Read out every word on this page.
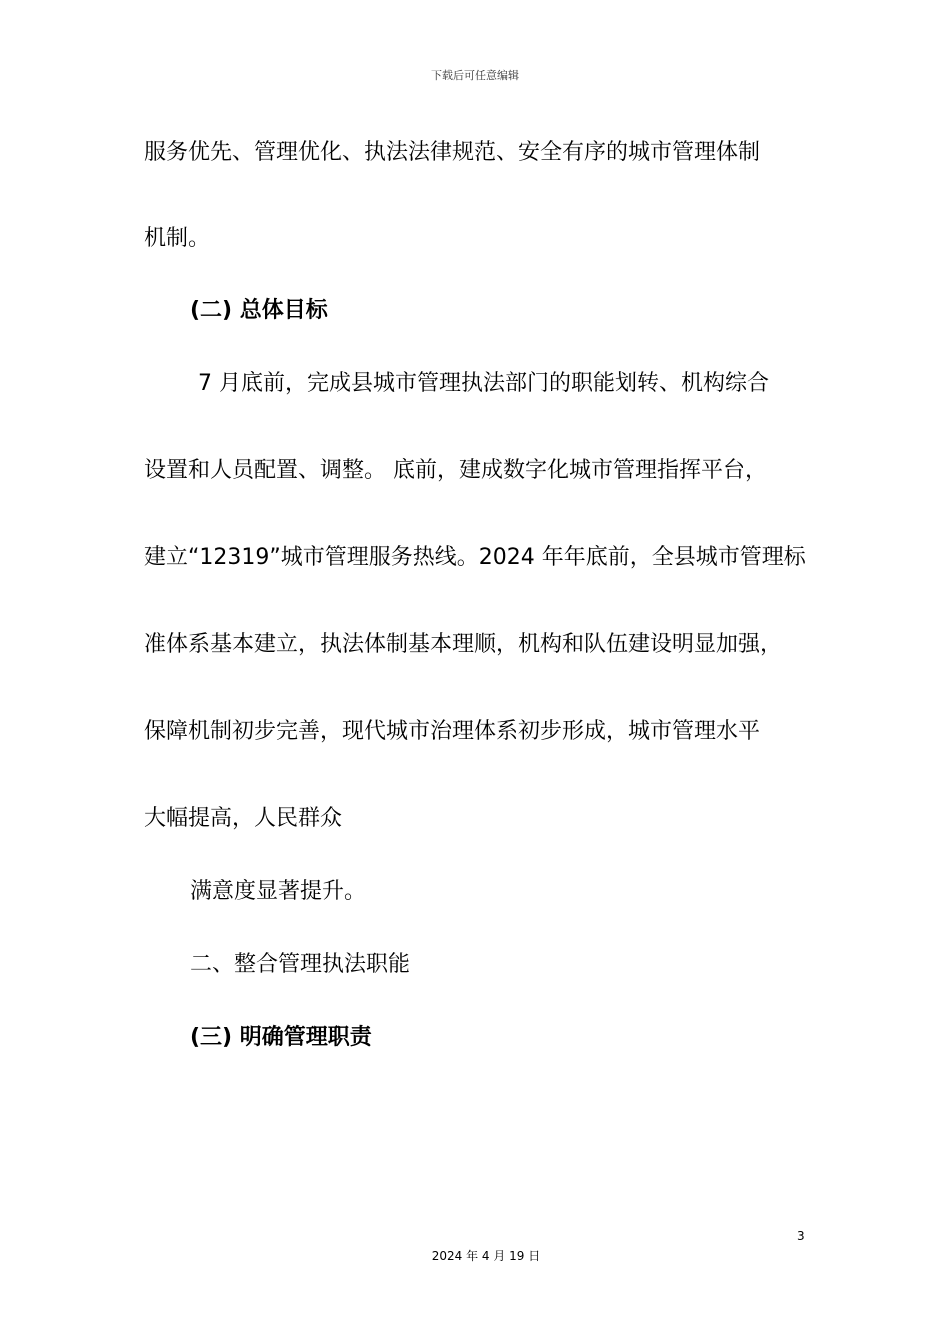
下载后可任意编辑
服务优先、管理优化、执法法律规范、安全有序的城市管理体制
机制。
(二) 总体目标
7 月底前，完成县城市管理执法部门的职能划转、机构综合
设置和人员配置、调整。 底前，建成数字化城市管理指挥平台，
建立“12319”城市管理服务热线。2024 年年底前，全县城市管理标
准体系基本建立，执法体制基本理顺，机构和队伍建设明显加强，
保障机制初步完善，现代城市治理体系初步形成，城市管理水平
大幅提高，人民群众
满意度显著提升。
二、整合管理执法职能
(三) 明确管理职责
3
2024 年 4 月 19 日
